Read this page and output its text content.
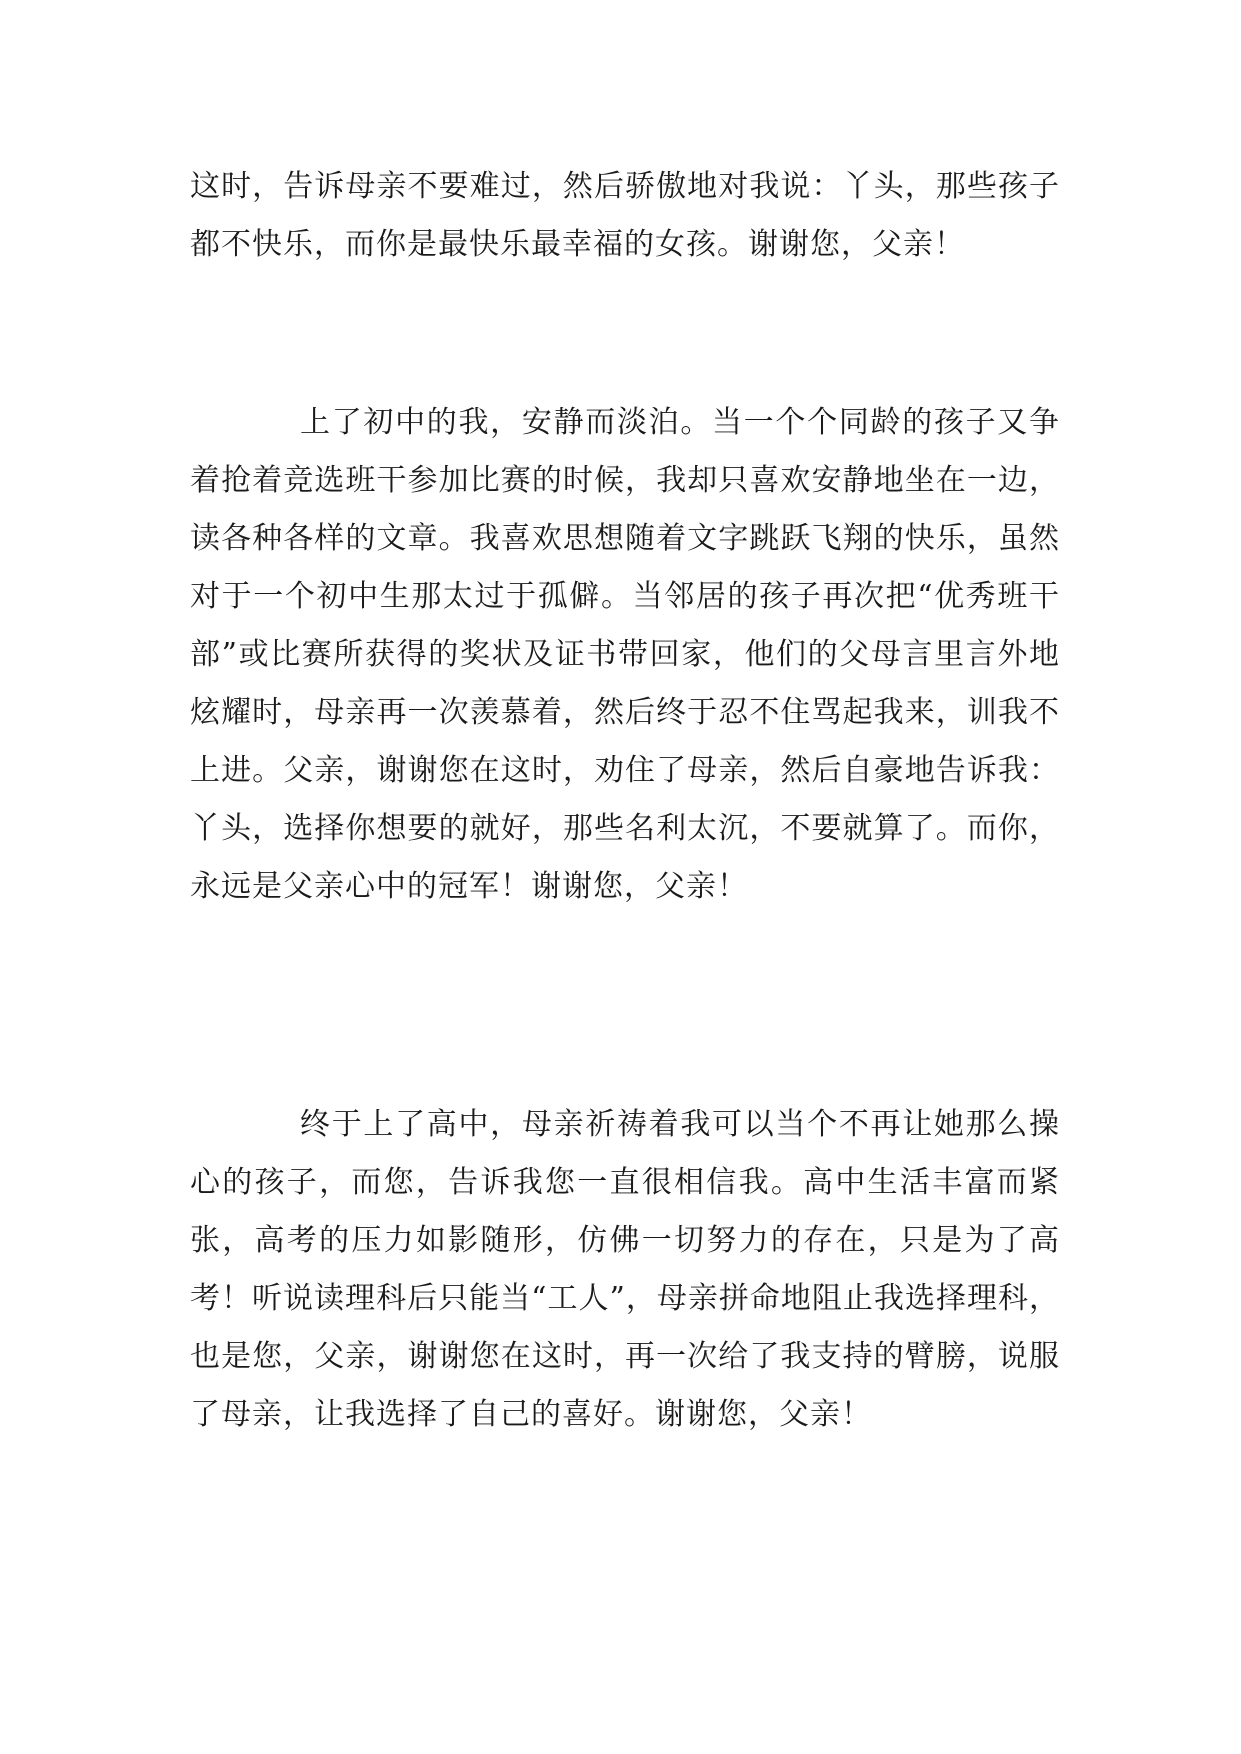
这时，告诉母亲不要难过，然后骄傲地对我说：丫头，那些孩子都不快乐，而你是最快乐最幸福的女孩。谢谢您，父亲！

上了初中的我，安静而淡泊。当一个个同龄的孩子又争着抢着竞选班干参加比赛的时候，我却只喜欢安静地坐在一边，读各种各样的文章。我喜欢思想随着文字跳跃飞翔的快乐，虽然对于一个初中生那太过于孤僻。当邻居的孩子再次把“优秀班干部”或比赛所获得的奖状及证书带回家，他们的父母言里言外地炫耀时，母亲再一次羡慕着，然后终于忍不住骂起我来，训我不上进。父亲，谢谢您在这时，劝住了母亲，然后自豪地告诉我：丫头，选择你想要的就好，那些名利太沉，不要就算了。而你，永远是父亲心中的冠军！谢谢您，父亲！

终于上了高中，母亲祈祷着我可以当个不再让她那么操心的孩子，而您，告诉我您一直很相信我。高中生活丰富而紧张，高考的压力如影随形，仿佛一切努力的存在，只是为了高考！听说读理科后只能当“工人”，母亲拼命地阻止我选择理科，也是您，父亲，谢谢您在这时，再一次给了我支持的臂膀，说服了母亲，让我选择了自己的喜好。谢谢您，父亲！
